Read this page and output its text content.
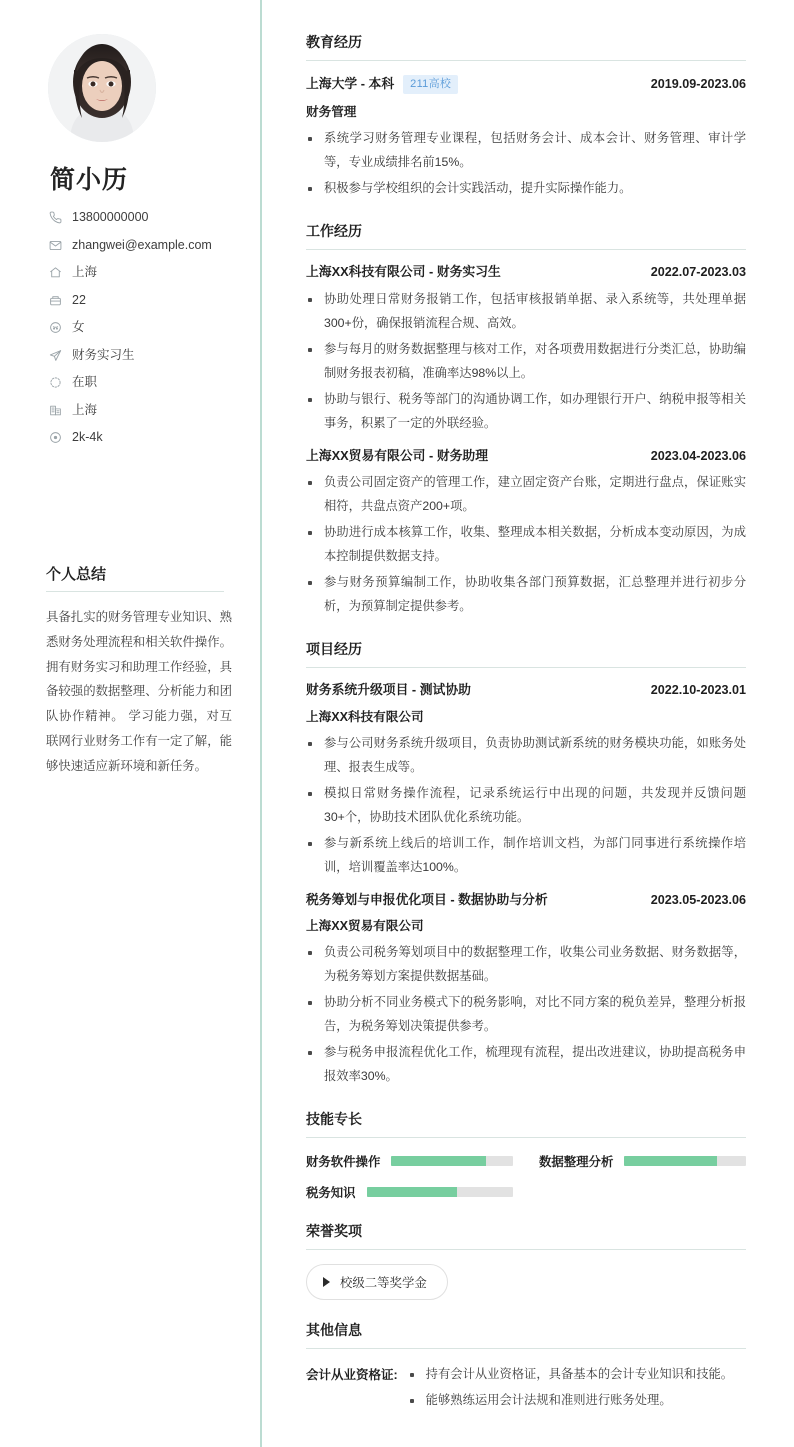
简小历
13800000000
zhangwei@example.com
上海
22
女
财务实习生
在职
上海
2k-4k
个人总结
具备扎实的财务管理专业知识、熟悉财务处理流程和相关软件操作。 拥有财务实习和助理工作经验，具备较强的数据整理、分析能力和团队协作精神。 学习能力强，对互联网行业财务工作有一定了解，能够快速适应新环境和新任务。
教育经历
上海大学 - 本科	211高校	2019.09-2023.06
财务管理
系统学习财务管理专业课程，包括财务会计、成本会计、财务管理、审计学等，专业成绩排名前15%。
积极参与学校组织的会计实践活动，提升实际操作能力。
工作经历
上海XX科技有限公司 - 财务实习生	2022.07-2023.03
协助处理日常财务报销工作，包括审核报销单据、录入系统等，共处理单据300+份，确保报销流程合规、高效。
参与每月的财务数据整理与核对工作，对各项费用数据进行分类汇总，协助编制财务报表初稿，准确率达98%以上。
协助与银行、税务等部门的沟通协调工作，如办理银行开户、纳税申报等相关事务，积累了一定的外联经验。
上海XX贸易有限公司 - 财务助理	2023.04-2023.06
负责公司固定资产的管理工作，建立固定资产台账，定期进行盘点，保证账实相符，共盘点资产200+项。
协助进行成本核算工作，收集、整理成本相关数据，分析成本变动原因，为成本控制提供数据支持。
参与财务预算编制工作，协助收集各部门预算数据，汇总整理并进行初步分析，为预算制定提供参考。
项目经历
财务系统升级项目 - 测试协助	2022.10-2023.01
上海XX科技有限公司
参与公司财务系统升级项目，负责协助测试新系统的财务模块功能，如账务处理、报表生成等。
模拟日常财务操作流程，记录系统运行中出现的问题，共发现并反馈问题30+个，协助技术团队优化系统功能。
参与新系统上线后的培训工作，制作培训文档，为部门同事进行系统操作培训，培训覆盖率达100%。
税务筹划与申报优化项目 - 数据协助与分析	2023.05-2023.06
上海XX贸易有限公司
负责公司税务筹划项目中的数据整理工作，收集公司业务数据、财务数据等，为税务筹划方案提供数据基础。
协助分析不同业务模式下的税务影响，对比不同方案的税负差异，整理分析报告，为税务筹划决策提供参考。
参与税务申报流程优化工作，梳理现有流程，提出改进建议，协助提高税务申报效率30%。
技能专长
财务软件操作	数据整理分析
税务知识
荣誉奖项
校级二等奖学金
其他信息
会计从业资格证:	持有会计从业资格证，具备基本的会计专业知识和技能。
能够熟练运用会计法规和准则进行账务处理。
